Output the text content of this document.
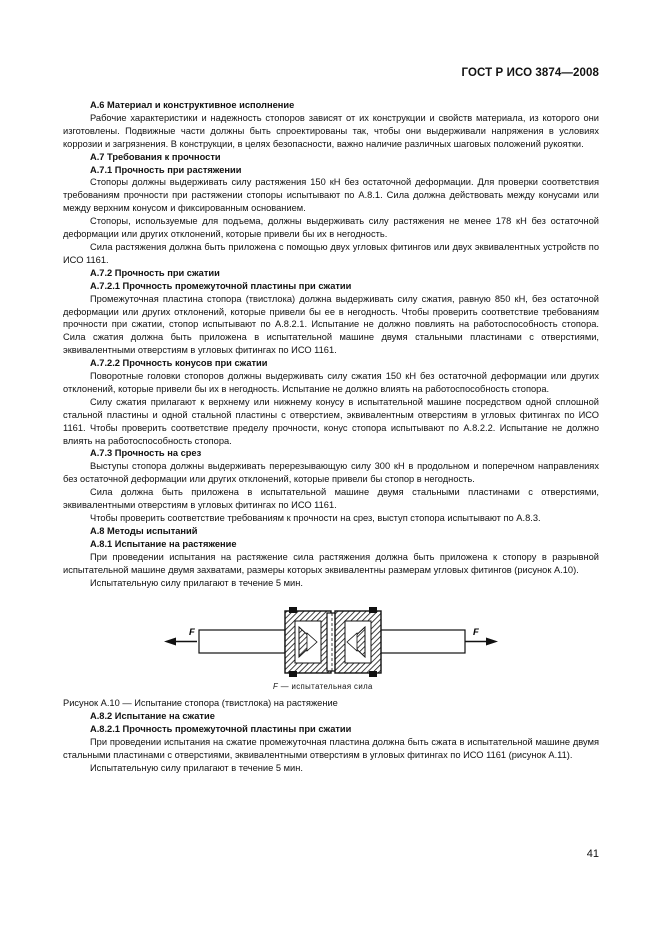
ГОСТ Р ИСО 3874—2008

А.6 Материал и конструктивное исполнение

Рабочие характеристики и надежность стопоров зависят от их конструкции и свойств материала, из которого они изготовлены. Подвижные части должны быть спроектированы так, чтобы они выдерживали напряжения в условиях коррозии и загрязнения. В конструкции, в целях безопасности, важно наличие различных шаговых положений рукоятки.

А.7 Требования к прочности

А.7.1 Прочность при растяжении

Стопоры должны выдерживать силу растяжения 150 кН без остаточной деформации. Для проверки соответствия требованиям прочности при растяжении стопоры испытывают по А.8.1. Сила должна действовать между конусами или между верхним конусом и фиксированным основанием.

Стопоры, используемые для подъема, должны выдерживать силу растяжения не менее 178 кН без остаточной деформации или других отклонений, которые привели бы их в негодность.

Сила растяжения должна быть приложена с помощью двух угловых фитингов или двух эквивалентных устройств по ИСО 1161.

А.7.2 Прочность при сжатии

А.7.2.1 Прочность промежуточной пластины при сжатии

Промежуточная пластина стопора (твистлока) должна выдерживать силу сжатия, равную 850 кН, без остаточной деформации или других отклонений, которые привели бы ее в негодность. Чтобы проверить соответствие требованиям прочности при сжатии, стопор испытывают по А.8.2.1. Испытание не должно повлиять на работоспособность стопора. Сила сжатия должна быть приложена в испытательной машине двумя стальными пластинами с отверстиями, эквивалентными отверстиям в угловых фитингах по ИСО 1161.

А.7.2.2 Прочность конусов при сжатии

Поворотные головки стопоров должны выдерживать силу сжатия 150 кН без остаточной деформации или других отклонений, которые привели бы их в негодность. Испытание не должно влиять на работоспособность стопора.

Силу сжатия прилагают к верхнему или нижнему конусу в испытательной машине посредством одной сплошной стальной пластины и одной стальной пластины с отверстием, эквивалентным отверстиям в угловых фитингах по ИСО 1161. Чтобы проверить соответствие пределу прочности, конус стопора испытывают по А.8.2.2. Испытание не должно влиять на работоспособность стопора.

А.7.3 Прочность на срез

Выступы стопора должны выдерживать перерезывающую силу 300 кН в продольном и поперечном направлениях без остаточной деформации или других отклонений, которые привели бы стопор в негодность.

Сила должна быть приложена в испытательной машине двумя стальными пластинами с отверстиями, эквивалентными отверстиям в угловых фитингах по ИСО 1161.

Чтобы проверить соответствие требованиям к прочности на срез, выступ стопора испытывают по А.8.3.

А.8 Методы испытаний

А.8.1 Испытание на растяжение

При проведении испытания на растяжение сила растяжения должна быть приложена к стопору в разрывной испытательной машине двумя захватами, размеры которых эквивалентны размерам угловых фитингов (рисунок А.10).

Испытательную силу прилагают в течение 5 мин.

F	F
F — испытательная сила

Рисунок А.10 — Испытание стопора (твистлока) на растяжение

А.8.2 Испытание на сжатие

А.8.2.1 Прочность промежуточной пластины при сжатии

При проведении испытания на сжатие промежуточная пластина должна быть сжата в испытательной машине двумя стальными пластинами с отверстиями, эквивалентными отверстиям в угловых фитингах по ИСО 1161 (рисунок А.11).

Испытательную силу прилагают в течение 5 мин.

41
